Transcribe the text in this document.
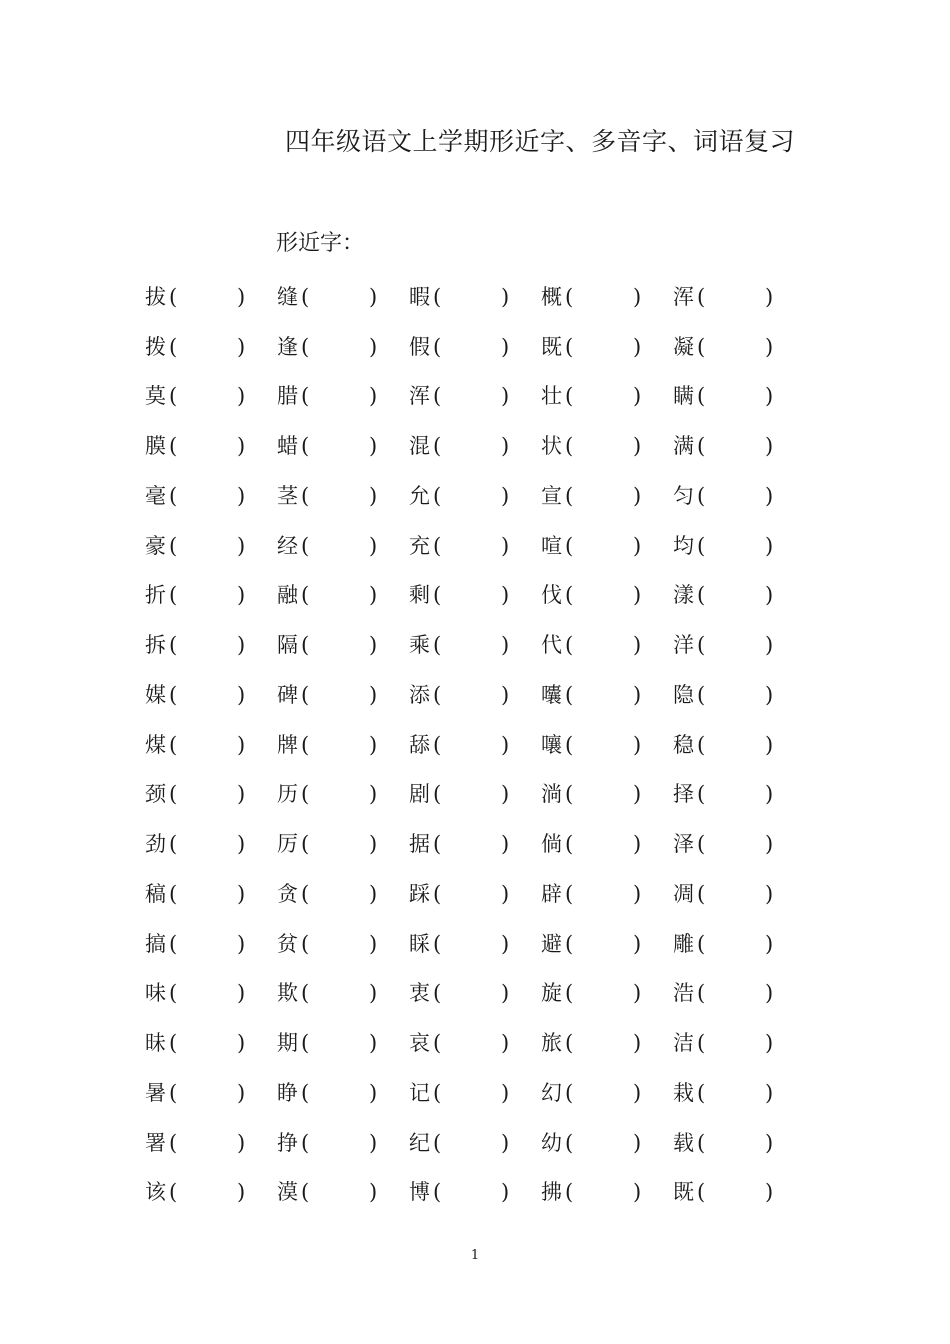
四年级语文上学期形近字、多音字、词语复习
形近字：
拔 (	) 缝 (	) 暇 (	) 概 (	) 浑 (	)
拨 (	) 逢 (	) 假 (	) 既 (	) 凝 (	)
莫 (	) 腊 (	) 浑 (	) 壮 (	) 瞒 (	)
膜 (	) 蜡 (	) 混 (	) 状 (	) 满 (	)
毫 (	) 茎 (	) 允 (	) 宣 (	) 匀 (	)
豪 (	) 经 (	) 充 (	) 喧 (	) 均 (	)
折 (	) 融 (	) 剩 (	) 伐 (	) 漾 (	)
拆 (	) 隔 (	) 乘 (	) 代 (	) 洋 (	)
媒 (	) 碑 (	) 添 (	) 囔 (	) 隐 (	)
煤 (	) 牌 (	) 舔 (	) 嚷 (	) 稳 (	)
颈 (	) 历 (	) 剧 (	) 淌 (	) 择 (	)
劲 (	) 厉 (	) 据 (	) 倘 (	) 泽 (	)
稿 (	) 贪 (	) 踩 (	) 辟 (	) 凋 (	)
搞 (	) 贫 (	) 睬 (	) 避 (	) 雕 (	)
味 (	) 欺 (	) 衷 (	) 旋 (	) 浩 (	)
昧 (	) 期 (	) 哀 (	) 旅 (	) 洁 (	)
暑 (	) 睁 (	) 记 (	) 幻 (	) 栽 (	)
署 (	) 挣 (	) 纪 (	) 幼 (	) 载 (	)
该 (	) 漠 (	) 博 (	) 拂 (	) 既 (	)
1
